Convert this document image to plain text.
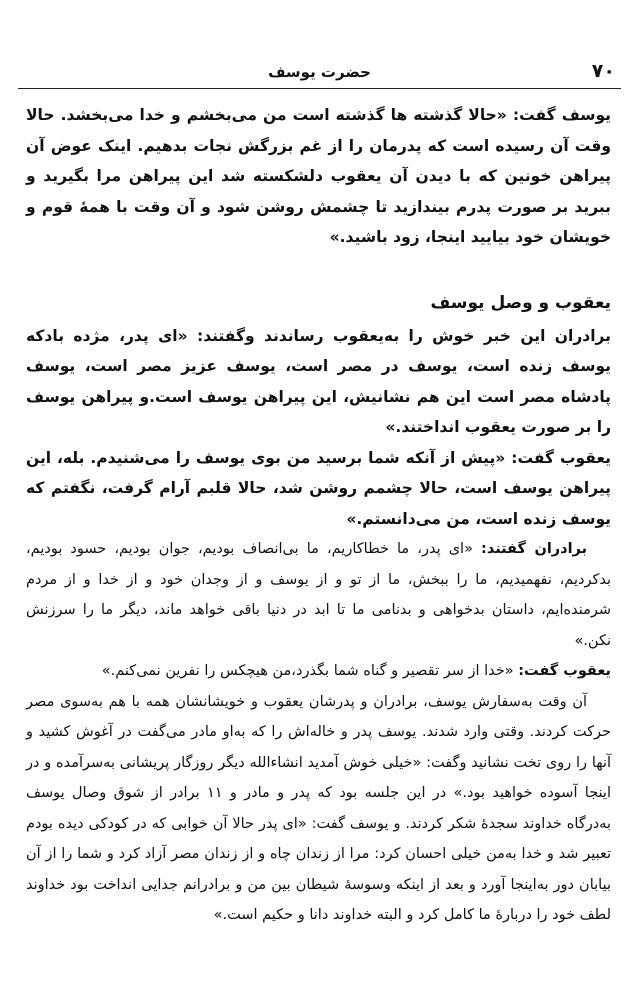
۷۰
حضرت یوسف

یوسف گفت: «حالا گذشته ها گذشته است من می‌بخشم و خدا می‌بخشد. حالا وقت آن رسیده است که پدرمان را از غم بزرگش نجات بدهیم. اینک عوض آن پیراهن خونین که با دیدن آن یعقوب دلشکسته شد این پیراهن مرا بگیرید و ببرید بر صورت پدرم بیندازید تا چشمش روشن شود و آن وقت با همهٔ قوم و خویشان خود بیایید اینجا، زود باشید.»

یعقوب و وصل یوسف

برادران این خبر خوش را به‌یعقوب رساندند وگفتند: «ای پدر، مژده بادکه یوسف زنده است، یوسف در مصر است، یوسف عزیز مصر است، یوسف پادشاه مصر است این هم نشانیش، این پیراهن یوسف است.و پیراهن یوسف را بر صورت یعقوب انداختند.»

یعقوب گفت: «پیش از آنکه شما برسید من بوی یوسف را می‌شنیدم. بله، این پیراهن یوسف است، حالا چشمم روشن شد، حالا قلبم آرام گرفت، نگفتم که یوسف زنده است، من می‌دانستم.»

برادران گفتند: «ای پدر، ما خطاکاریم، ما بی‌انصاف بودیم، جوان بودیم، حسود بودیم، بدکردیم، نفهمیدیم، ما را ببخش، ما از تو و از یوسف و از وجدان خود و از خدا و از مردم شرمنده‌ایم، داستان بدخواهی و بدنامی ما تا ابد در دنیا باقی خواهد ماند، دیگر ما را سرزنش نکن.»

یعقوب گفت: «خدا از سر تقصیر و گناه شما بگذرد،من هیچکس را نفرین نمی‌کنم.»

آن وقت به‌سفارش یوسف، برادران و پدرشان یعقوب و خویشانشان همه با هم به‌سوی مصر حرکت کردند. وقتی وارد شدند. یوسف پدر و خاله‌اش را که به‌او مادر می‌گفت در آغوش کشید و آنها را روی تخت نشانید وگفت: «خیلی خوش آمدید انشاءالله دیگر روزگار پریشانی به‌سرآمده و در اینجا آسوده خواهید بود.» در این جلسه بود که پدر و مادر و ۱۱ برادر از شوق وصال یوسف به‌درگاه خداوند سجدهٔ شکر کردند. و یوسف گفت: «ای پدر حالا آن خوابی که در کودکی دیده بودم تعبیر شد و خدا به‌من خیلی احسان کرد: مرا از زندان چاه و از زندان مصر آزاد کرد و شما را از آن بیابان دور به‌اینجا آورد و بعد از اینکه وسوسهٔ شیطان بین من و برادرانم جدایی انداخت بود خداوند لطف خود را دربارهٔ ما کامل کرد و البته خداوند دانا و حکیم است.»
